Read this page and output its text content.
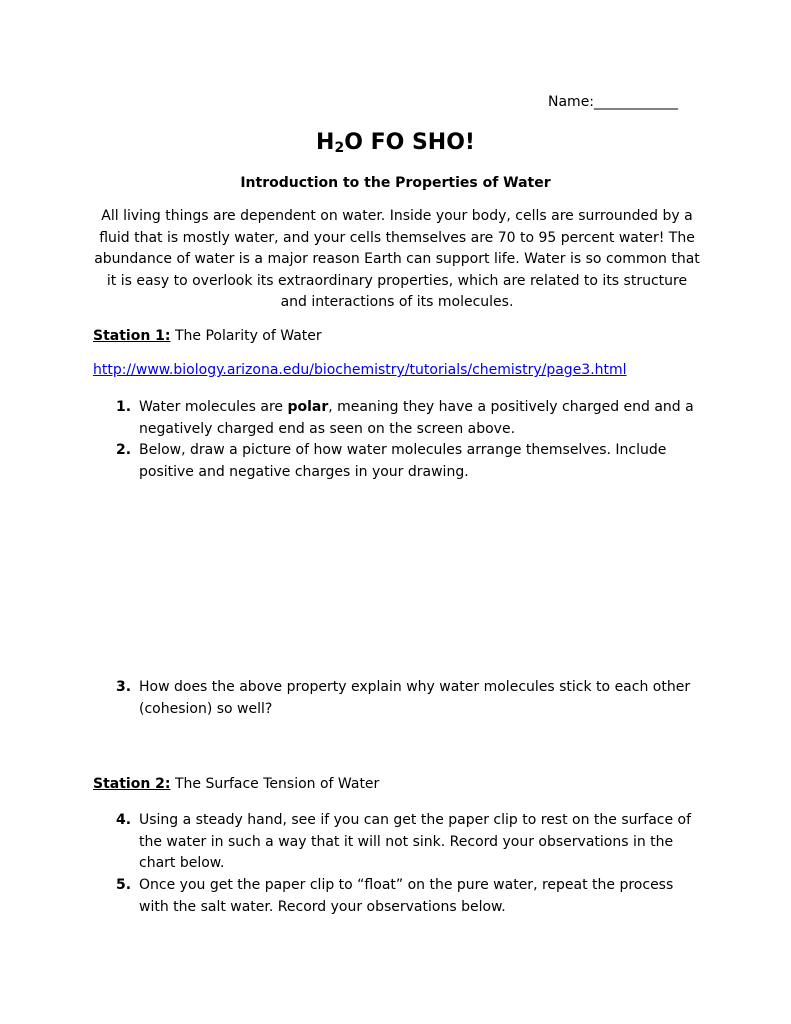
Name:____________
$H_2O$ FO SHO!
Introduction to the Properties of Water
All living things are dependent on water. Inside your body, cells are surrounded by a fluid that is mostly water, and your cells themselves are 70 to 95 percent water! The abundance of water is a major reason Earth can support life. Water is so common that it is easy to overlook its extraordinary properties, which are related to its structure and interactions of its molecules.
Station 1: The Polarity of Water
http://www.biology.arizona.edu/biochemistry/tutorials/chemistry/page3.html
1. Water molecules are polar, meaning they have a positively charged end and a negatively charged end as seen on the screen above.
2. Below, draw a picture of how water molecules arrange themselves. Include positive and negative charges in your drawing.
3. How does the above property explain why water molecules stick to each other (cohesion) so well?
Station 2: The Surface Tension of Water
4. Using a steady hand, see if you can get the paper clip to rest on the surface of the water in such a way that it will not sink. Record your observations in the chart below.
5. Once you get the paper clip to “float” on the pure water, repeat the process with the salt water. Record your observations below.
